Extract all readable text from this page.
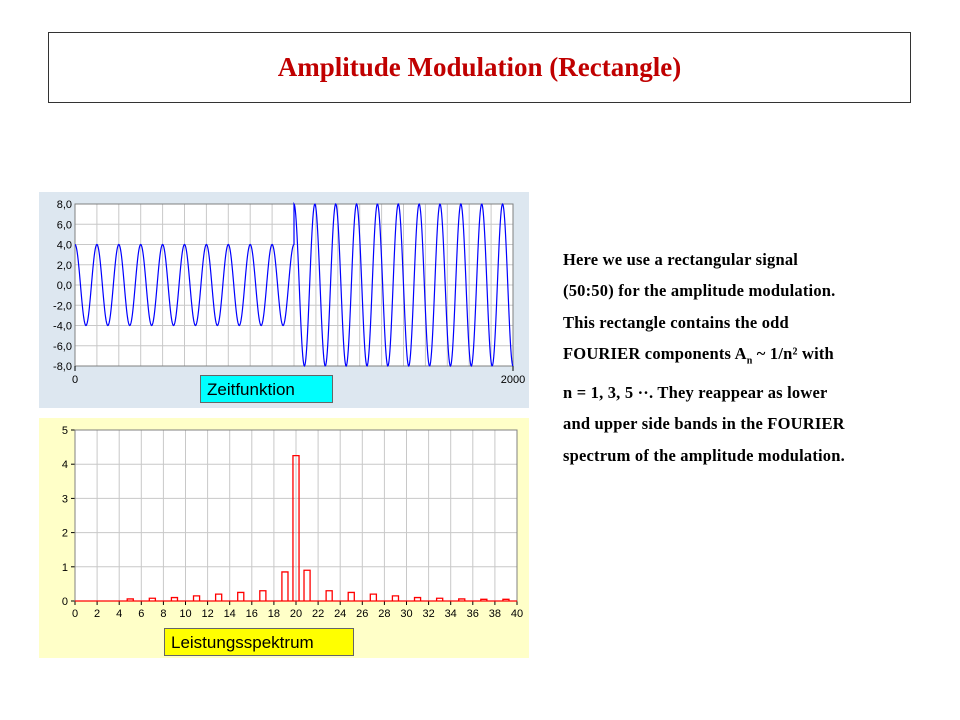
Amplitude Modulation (Rectangle)
8,0
6,0
4,0
2,0
0,0
-2,0
-4,0
-6,0
-8,0
0	2000
Zeitfunktion
0 2 4 6 8 10 12 14 16 18 20 22 24 26 28 30 32 34 36 38 40
5
4
3
2
1
0
Leistungsspektrum

Here we use a rectangular signal

(50:50) for the amplitude modulation.

This rectangle contains the odd

FOURIER components $A_n$ ~ 1/n² with

n = 1, 3, 5 ··. They reappear as lower

and upper side bands in the FOURIER

spectrum of the amplitude modulation.
